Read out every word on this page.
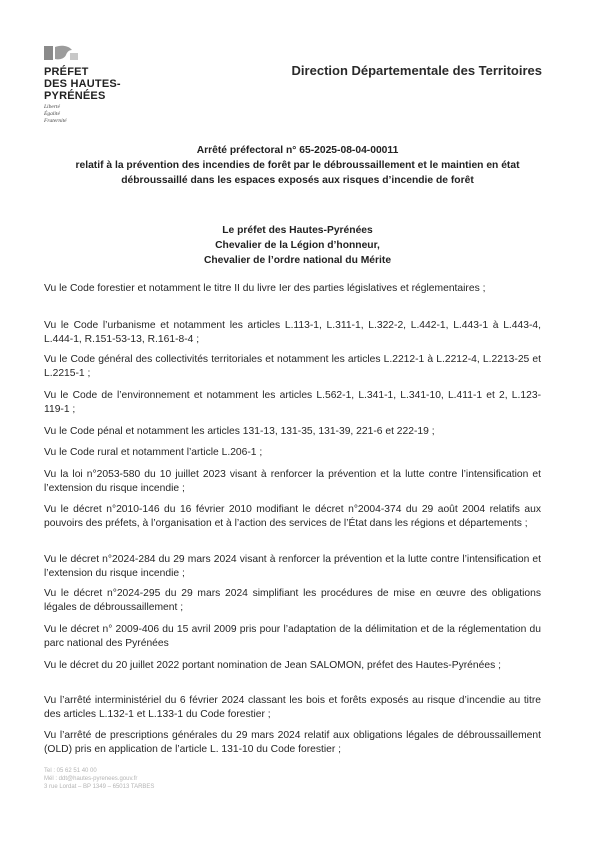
PRÉFET
DES HAUTES-
PYRÉNÉES
Liberté
Égalité
Fraternité
Direction Départementale des Territoires
Arrêté préfectoral n° 65-2025-08-04-00011
relatif à la prévention des incendies de forêt par le débroussaillement et le maintien en état
débroussaillé dans les espaces exposés aux risques d’incendie de forêt
Le préfet des Hautes-Pyrénées
Chevalier de la Légion d’honneur,
Chevalier de l’ordre national du Mérite

Vu le Code forestier et notamment le titre II du livre Ier des parties législatives et réglementaires ;

Vu le Code l’urbanisme et notamment les articles L.113-1, L.311-1, L.322-2, L.442-1, L.443-1 à L.443-4, L.444-1, R.151-53-13, R.161-8-4 ;

Vu le Code général des collectivités territoriales et notamment les articles L.2212-1 à L.2212-4, L.2213-25 et L.2215-1 ;

Vu le Code de l’environnement et notamment les articles L.562-1, L.341-1, L.341-10, L.411-1 et 2, L.123-119-1 ;

Vu le Code pénal et notamment les articles 131-13, 131-35, 131-39, 221-6 et 222-19 ;

Vu le Code rural et notamment l’article L.206-1 ;

Vu la loi n°2053-580 du 10 juillet 2023 visant à renforcer la prévention et la lutte contre l’intensification et l’extension du risque incendie ;

Vu le décret n°2010-146 du 16 février 2010 modifiant le décret n°2004-374 du 29 août 2004 relatifs aux pouvoirs des préfets, à l’organisation et à l’action des services de l’État dans les régions et départements ;

Vu le décret n°2024-284 du 29 mars 2024 visant à renforcer la prévention et la lutte contre l’intensification et l’extension du risque incendie ;

Vu le décret n°2024-295 du 29 mars 2024 simplifiant les procédures de mise en œuvre des obligations légales de débroussaillement ;

Vu le décret n° 2009-406 du 15 avril 2009 pris pour l’adaptation de la délimitation et de la réglementation du parc national des Pyrénées

Vu le décret du 20 juillet 2022 portant nomination de Jean SALOMON, préfet des Hautes-Pyrénées ;

Vu l’arrêté interministériel du 6 février 2024 classant les bois et forêts exposés au risque d’incendie au titre des articles L.132-1 et L.133-1 du Code forestier ;

Vu l’arrêté de prescriptions générales du 29 mars 2024 relatif aux obligations légales de débroussaillement (OLD) pris en application de l’article L. 131-10 du Code forestier ;

Tel : 05 62 51 40 00
Mél : ddt@hautes-pyrenees.gouv.fr
3 rue Lordat – BP 1349 – 65013 TARBES
